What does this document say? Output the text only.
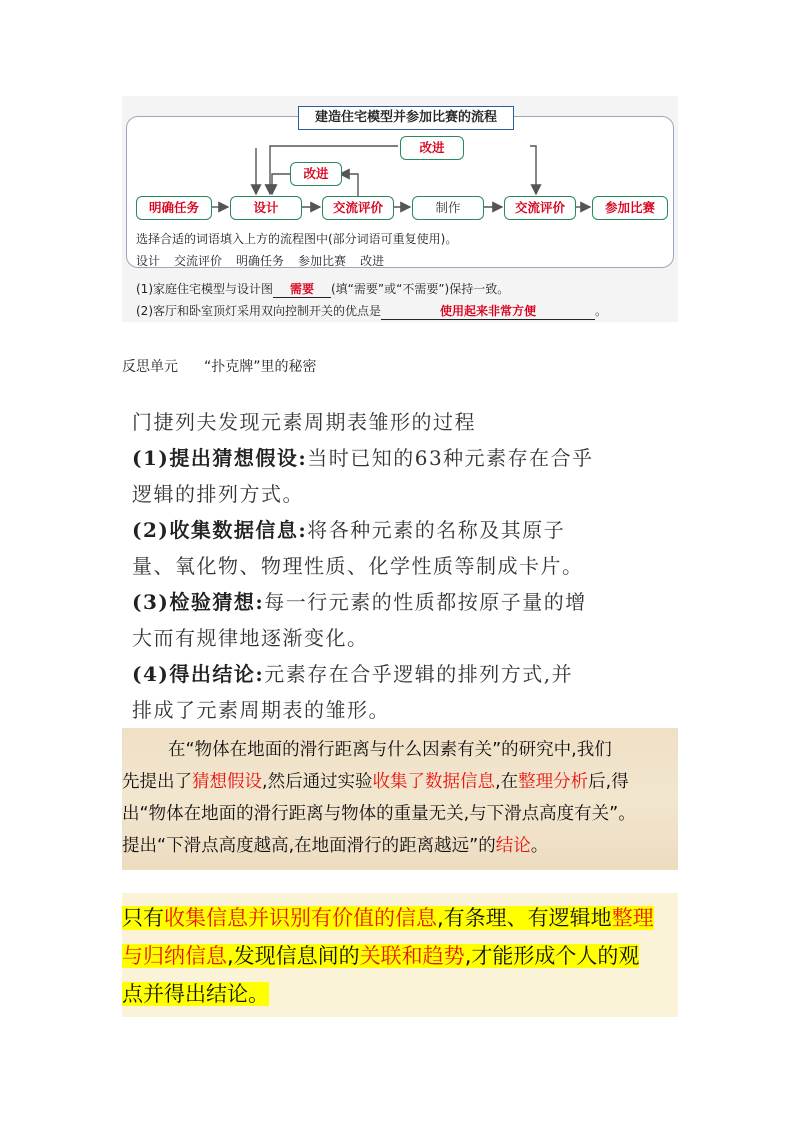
建造住宅模型并参加比赛的流程
明确任务	设计	交流评价	制作	交流评价	参加比赛
改进
改进
选择合适的词语填入上方的流程图中(部分词语可重复使用)。
设计 交流评价 明确任务 参加比赛 改进
(1)家庭住宅模型与设计图 需要 (填“需要”或“不需要”)保持一致。
(2)客厅和卧室顶灯采用双向控制开关的优点是	使用起来非常方便	。
反思单元 “扑克牌”里的秘密
门捷列夫发现元素周期表雏形的过程
(1)提出猜想假设:当时已知的63种元素存在合乎
逻辑的排列方式。
(2)收集数据信息:将各种元素的名称及其原子
量、氧化物、物理性质、化学性质等制成卡片。
(3)检验猜想:每一行元素的性质都按原子量的增
大而有规律地逐渐变化。
(4)得出结论:元素存在合乎逻辑的排列方式,并
排成了元素周期表的雏形。

在“物体在地面的滑行距离与什么因素有关”的研究中,我们

先提出了猜想假设,然后通过实验收集了数据信息,在整理分析后,得

出“物体在地面的滑行距离与物体的重量无关,与下滑点高度有关”。

提出“下滑点高度越高,在地面滑行的距离越远”的结论。

只有收集信息并识别有价值的信息,有条理、有逻辑地整理
与归纳信息,发现信息间的关联和趋势,才能形成个人的观
点并得出结论。
